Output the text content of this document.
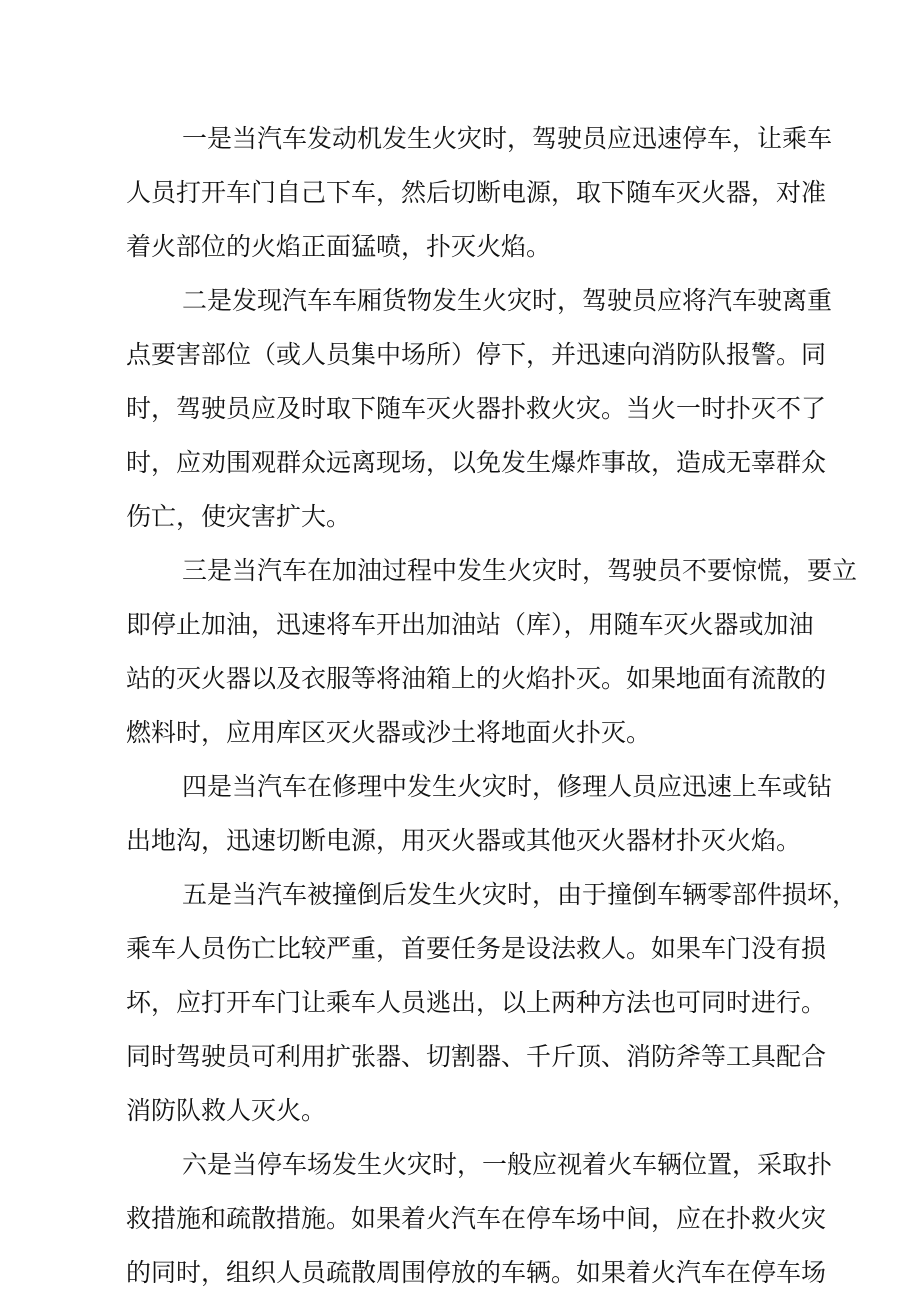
一是当汽车发动机发生火灾时，驾驶员应迅速停车，让乘车
人员打开车门自己下车，然后切断电源，取下随车灭火器，对准
着火部位的火焰正面猛喷，扑灭火焰。
二是发现汽车车厢货物发生火灾时，驾驶员应将汽车驶离重
点要害部位（或人员集中场所）停下，并迅速向消防队报警。同
时，驾驶员应及时取下随车灭火器扑救火灾。当火一时扑灭不了
时，应劝围观群众远离现场，以免发生爆炸事故，造成无辜群众
伤亡，使灾害扩大。
三是当汽车在加油过程中发生火灾时，驾驶员不要惊慌，要立
即停止加油，迅速将车开出加油站（库），用随车灭火器或加油
站的灭火器以及衣服等将油箱上的火焰扑灭。如果地面有流散的
燃料时，应用库区灭火器或沙土将地面火扑灭。
四是当汽车在修理中发生火灾时，修理人员应迅速上车或钻
出地沟，迅速切断电源，用灭火器或其他灭火器材扑灭火焰。
五是当汽车被撞倒后发生火灾时，由于撞倒车辆零部件损坏，
乘车人员伤亡比较严重，首要任务是设法救人。如果车门没有损
坏，应打开车门让乘车人员逃出，以上两种方法也可同时进行。
同时驾驶员可利用扩张器、切割器、千斤顶、消防斧等工具配合
消防队救人灭火。
六是当停车场发生火灾时，一般应视着火车辆位置，采取扑
救措施和疏散措施。如果着火汽车在停车场中间，应在扑救火灾
的同时，组织人员疏散周围停放的车辆。如果着火汽车在停车场
